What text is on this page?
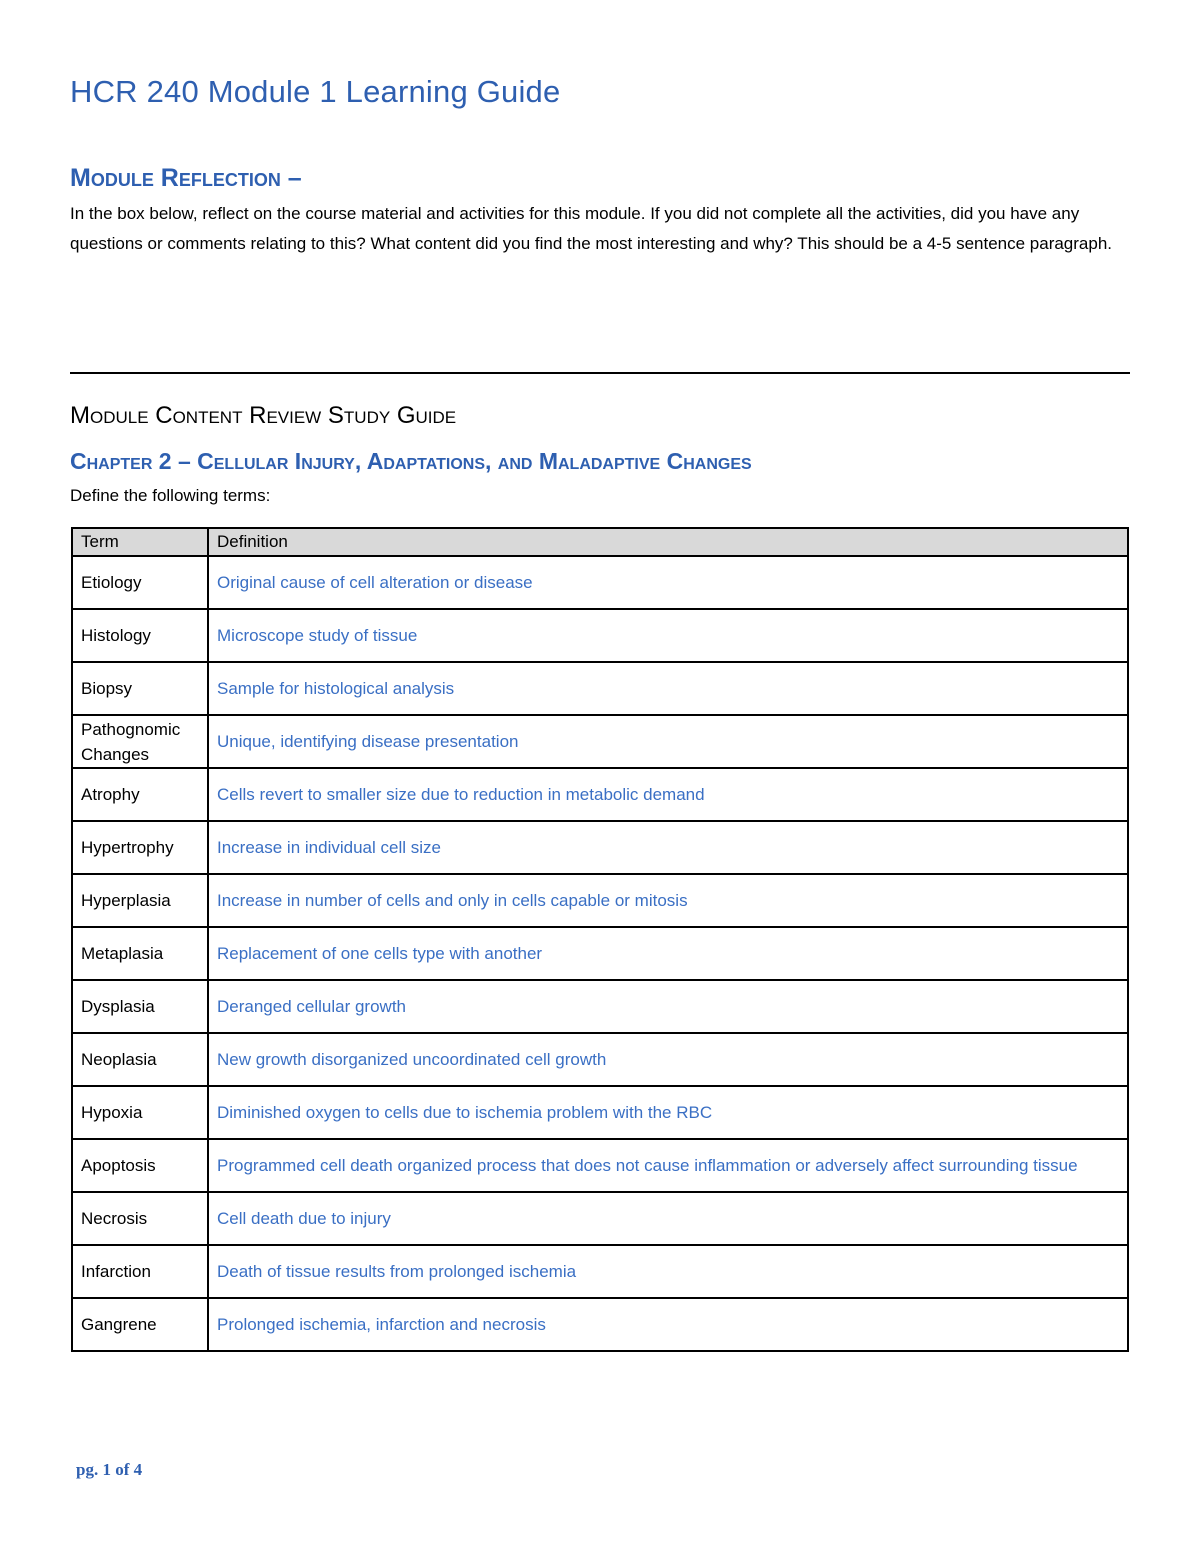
HCR 240 Module 1 Learning Guide
Module Reflection –

In the box below, reflect on the course material and activities for this module. If you did not complete all the activities, did you have any questions or comments relating to this? What content did you find the most interesting and why? This should be a 4-5 sentence paragraph.

Module Content Review Study Guide
Chapter 2 – Cellular Injury, Adaptations, and Maladaptive Changes

Define the following terms:

Term	Definition
Etiology	Original cause of cell alteration or disease
Histology	Microscope study of tissue
Biopsy	Sample for histological analysis
Pathognomic Changes	Unique, identifying disease presentation
Atrophy	Cells revert to smaller size due to reduction in metabolic demand
Hypertrophy	Increase in individual cell size
Hyperplasia	Increase in number of cells and only in cells capable or mitosis
Metaplasia	Replacement of one cells type with another
Dysplasia	Deranged cellular growth
Neoplasia	New growth disorganized uncoordinated cell growth
Hypoxia	Diminished oxygen to cells due to ischemia problem with the RBC
Apoptosis	Programmed cell death organized process that does not cause inflammation or adversely affect surrounding tissue
Necrosis	Cell death due to injury
Infarction	Death of tissue results from prolonged ischemia
Gangrene	Prolonged ischemia, infarction and necrosis

pg. 1 of 4
